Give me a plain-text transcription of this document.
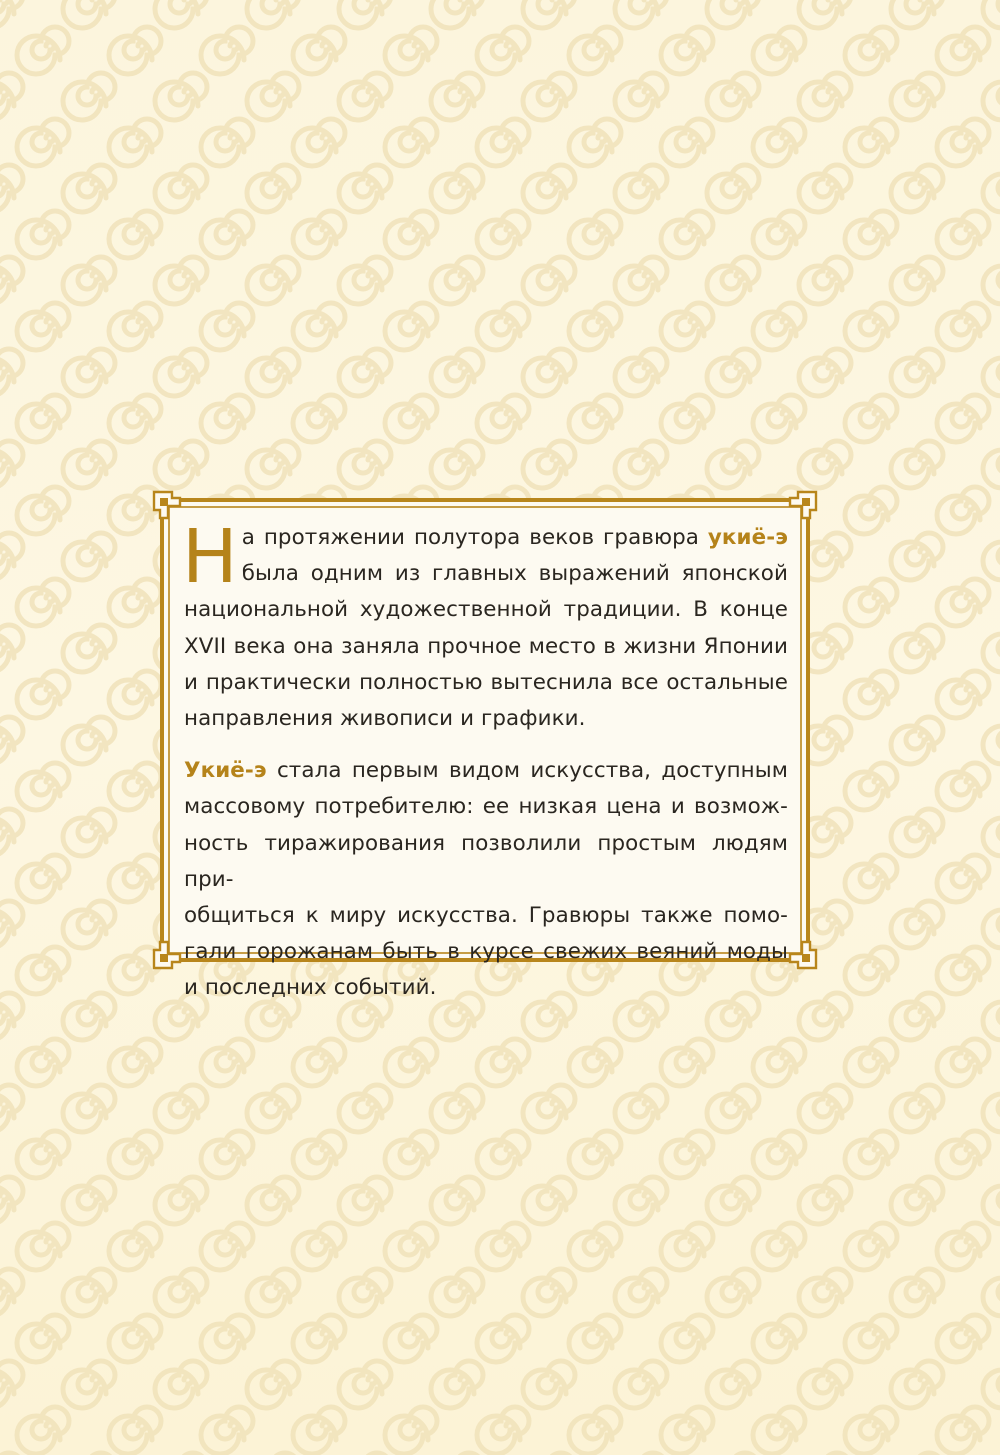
Н а протяжении полутора веков гравюра укиё-э
была одним из главных выражений японской
национальной художественной традиции. В конце
XVII века она заняла прочное место в жизни Японии
и практически полностью вытеснила все остальные
направления живописи и графики.

Укиё-э стала первым видом искусства, доступным
массовому потребителю: ее низкая цена и возмож-
ность тиражирования позволили простым людям при-
общиться к миру искусства. Гравюры также помо-
гали горожанам быть в курсе свежих веяний моды
и последних событий.
